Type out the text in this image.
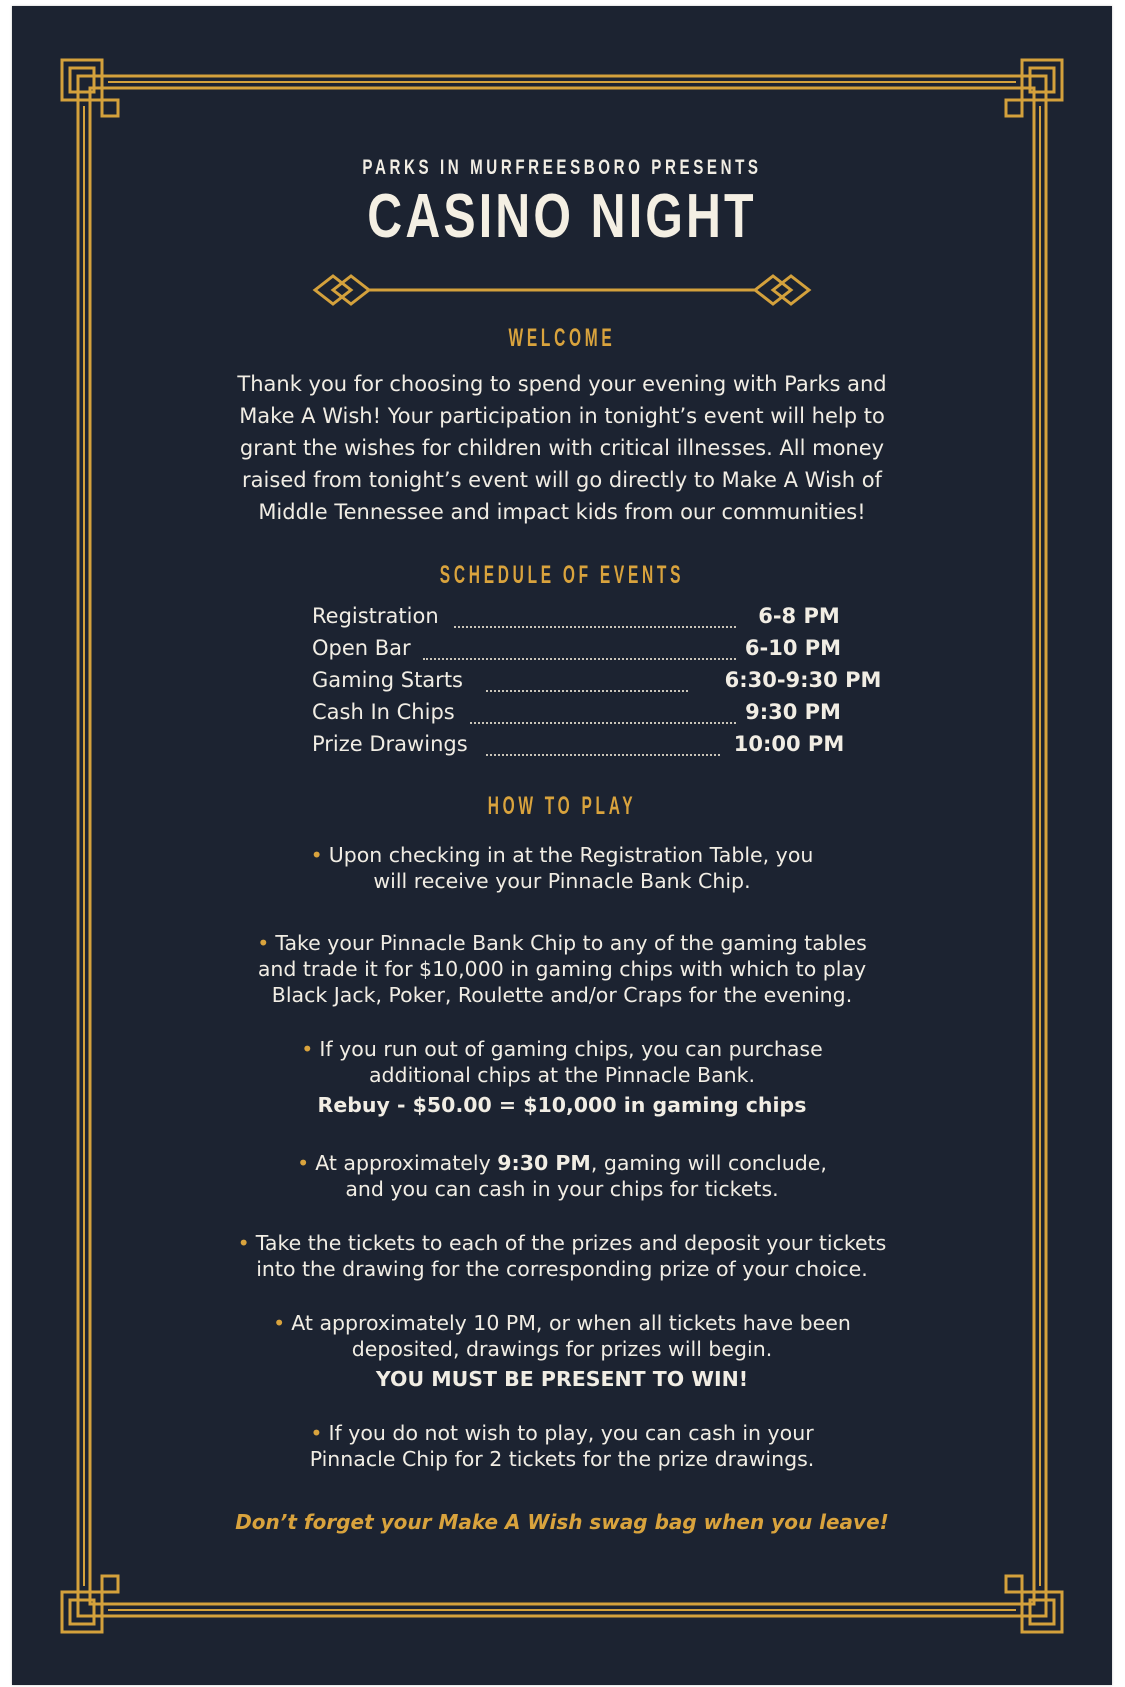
PARKS IN MURFREESBORO PRESENTS
CASINO NIGHT
WELCOME
Thank you for choosing to spend your evening with Parks and
Make A Wish! Your participation in tonight’s event will help to
grant the wishes for children with critical illnesses. All money
raised from tonight’s event will go directly to Make A Wish of
Middle Tennessee and impact kids from our communities!
SCHEDULE OF EVENTS
Registration	6-8 PM
Open Bar	6-10 PM
Gaming Starts	6:30-9:30 PM
Cash In Chips	9:30 PM
Prize Drawings	10:00 PM
HOW TO PLAY
• Upon checking in at the Registration Table, you
will receive your Pinnacle Bank Chip.
• Take your Pinnacle Bank Chip to any of the gaming tables
and trade it for $10,000 in gaming chips with which to play
Black Jack, Poker, Roulette and/or Craps for the evening.
• If you run out of gaming chips, you can purchase
additional chips at the Pinnacle Bank.
Rebuy - $50.00 = $10,000 in gaming chips
• At approximately 9:30 PM, gaming will conclude,
and you can cash in your chips for tickets.
• Take the tickets to each of the prizes and deposit your tickets
into the drawing for the corresponding prize of your choice.
• At approximately 10 PM, or when all tickets have been
deposited, drawings for prizes will begin.
YOU MUST BE PRESENT TO WIN!
• If you do not wish to play, you can cash in your
Pinnacle Chip for 2 tickets for the prize drawings.
Don’t forget your Make A Wish swag bag when you leave!
